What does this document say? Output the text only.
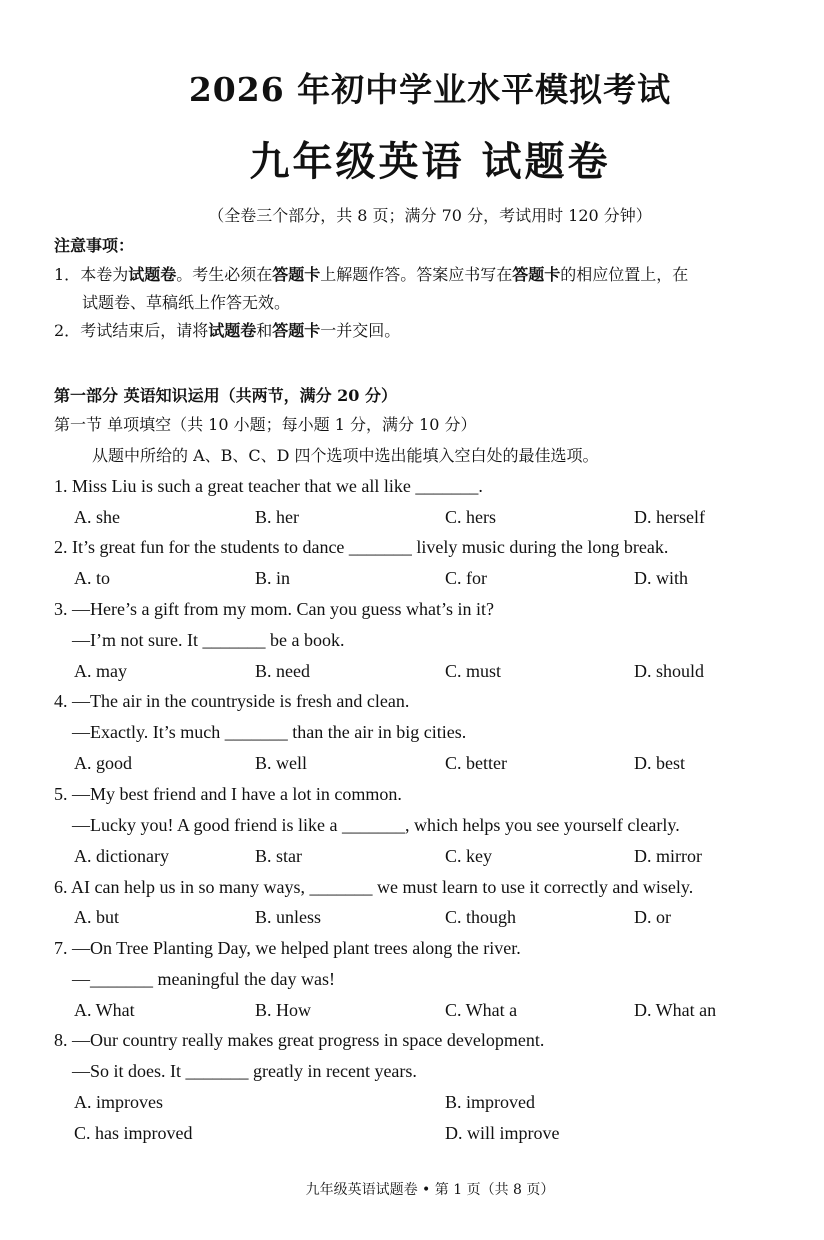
2026 年初中学业水平模拟考试
九年级英语 试题卷
（全卷三个部分，共 8 页；满分 70 分，考试用时 120 分钟）
注意事项：
1．本卷为试题卷。考生必须在答题卡上解题作答。答案应书写在答题卡的相应位置上，在
试题卷、草稿纸上作答无效。
2．考试结束后，请将试题卷和答题卡一并交回。
第一部分 英语知识运用（共两节，满分 20 分）
第一节 单项填空（共 10 小题；每小题 1 分，满分 10 分）
从题中所给的 A、B、C、D 四个选项中选出能填入空白处的最佳选项。
1. Miss Liu is such a great teacher that we all like _______.
A. she	B. her	C. hers	D. herself
2. It’s great fun for the students to dance _______ lively music during the long break.
A. to	B. in	C. for	D. with
3. —Here’s a gift from my mom. Can you guess what’s in it?
—I’m not sure. It _______ be a book.
A. may	B. need	C. must	D. should
4. —The air in the countryside is fresh and clean.
—Exactly. It’s much _______ than the air in big cities.
A. good	B. well	C. better	D. best
5. —My best friend and I have a lot in common.
—Lucky you! A good friend is like a _______, which helps you see yourself clearly.
A. dictionary	B. star	C. key	D. mirror
6. AI can help us in so many ways, _______ we must learn to use it correctly and wisely.
A. but	B. unless	C. though	D. or
7. —On Tree Planting Day, we helped plant trees along the river.
—_______ meaningful the day was!
A. What	B. How	C. What a	D. What an
8. —Our country really makes great progress in space development.
—So it does. It _______ greatly in recent years.
A. improves	B. improved
C. has improved	D. will improve
九年级英语试题卷 • 第 1 页（共 8 页）
